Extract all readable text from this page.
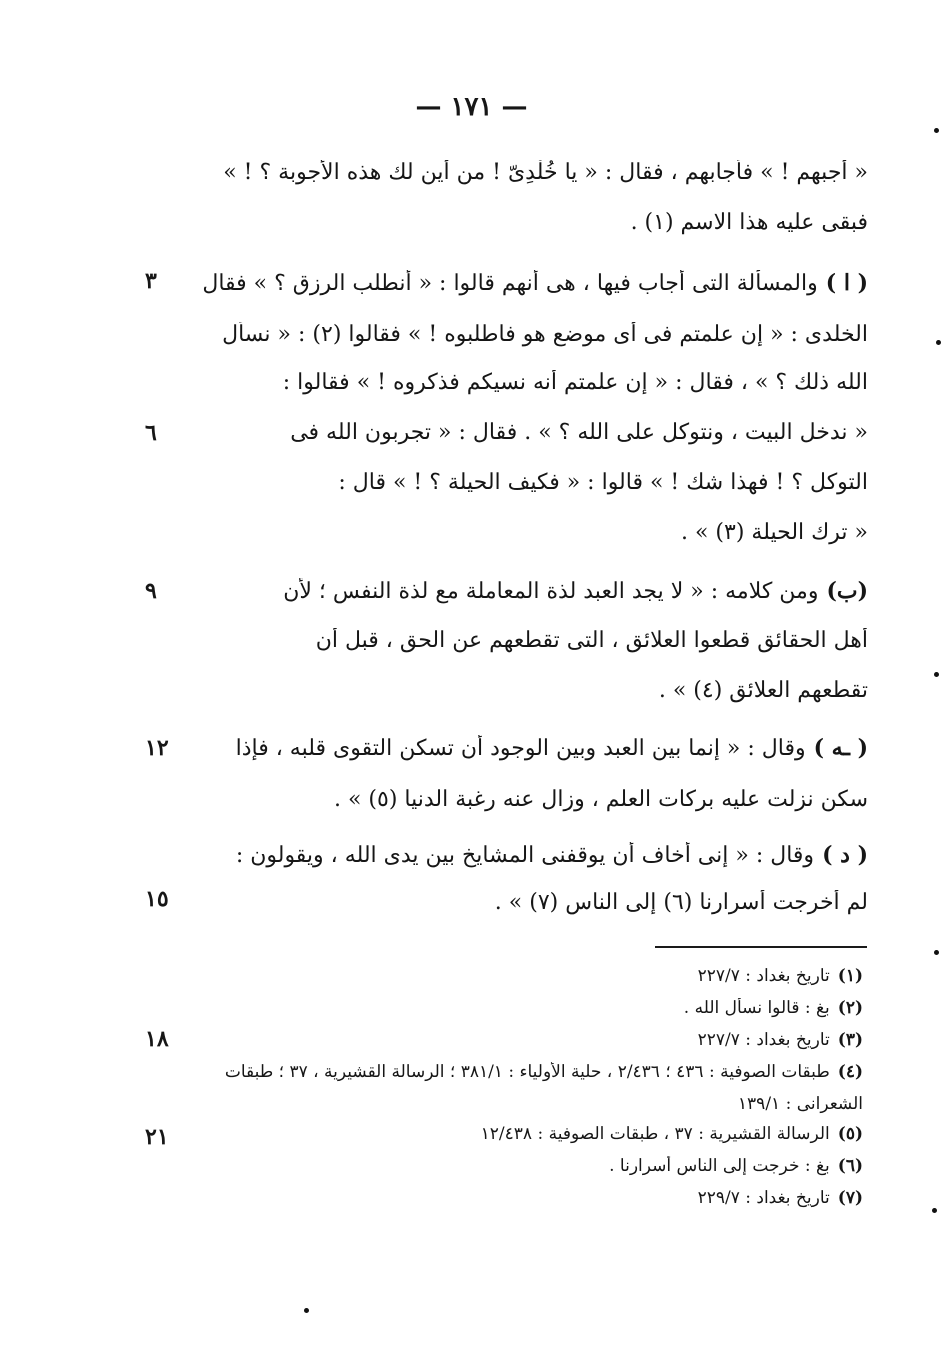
— ١٧١ —
« أجبهم ! » فأجابهم ، فقال : « يا خُلْدِىّ ! من أين لك هذه الأجوبة ؟ ! »
فبقى عليه هذا الاسم (١) .
( ا )والمسألة التى أجاب فيها ، هى أنهم قالوا : « أنطلب الرزق ؟ » فقال
الخلدى : « إن علمتم فى أى موضع هو فاطلبوه ! » فقالوا (٢) : « نسأل
الله ذلك ؟ » ، فقال : « إن علمتم أنه نسيكم فذكروه ! » فقالوا :
« ندخل البيت ، ونتوكل على الله ؟ » . فقال : « تجربون الله فى
التوكل ؟ ! فهذا شك ! » قالوا : « فكيف الحيلة ؟ ! » قال :
« ترك الحيلة (٣) » .
(ب)ومن كلامه : « لا يجد العبد لذة المعاملة مع لذة النفس ؛ لأن
أهل الحقائق قطعوا العلائق ، التى تقطعهم عن الحق ، قبل أن
تقطعهم العلائق (٤) » .
( ـه )وقال : « إنما بين العبد وبين الوجود أن تسكن التقوى قلبه ، فإذا
سكن نزلت عليه بركات العلم ، وزال عنه رغبة الدنيا (٥) » .
( د )وقال : « إنى أخاف أن يوقفنى المشايخ بين يدى الله ، ويقولون :
لم أخرجت أسرارنا (٦) إلى الناس (٧) » .
٣
٦
٩
١٢
١٥
١٨
٢١
(١)تاريخ بغداد : ٢٢٧/٧
(٢)بغ : قالوا نسأل الله .
(٣)تاريخ بغداد : ٢٢٧/٧
(٤)طبقات الصوفية : ٤٣٦ ؛ ٢/٤٣٦ ، حلية الأولياء : ٣٨١/١ ؛ الرسالة القشيرية ، ٣٧ ؛ طبقات
الشعرانى : ١٣٩/١
(٥)الرسالة القشيرية : ٣٧ ، طبقات الصوفية : ١٢/٤٣٨
(٦)بغ : خرجت إلى الناس أسرارنا .
(٧)تاريخ بغداد : ٢٢٩/٧
